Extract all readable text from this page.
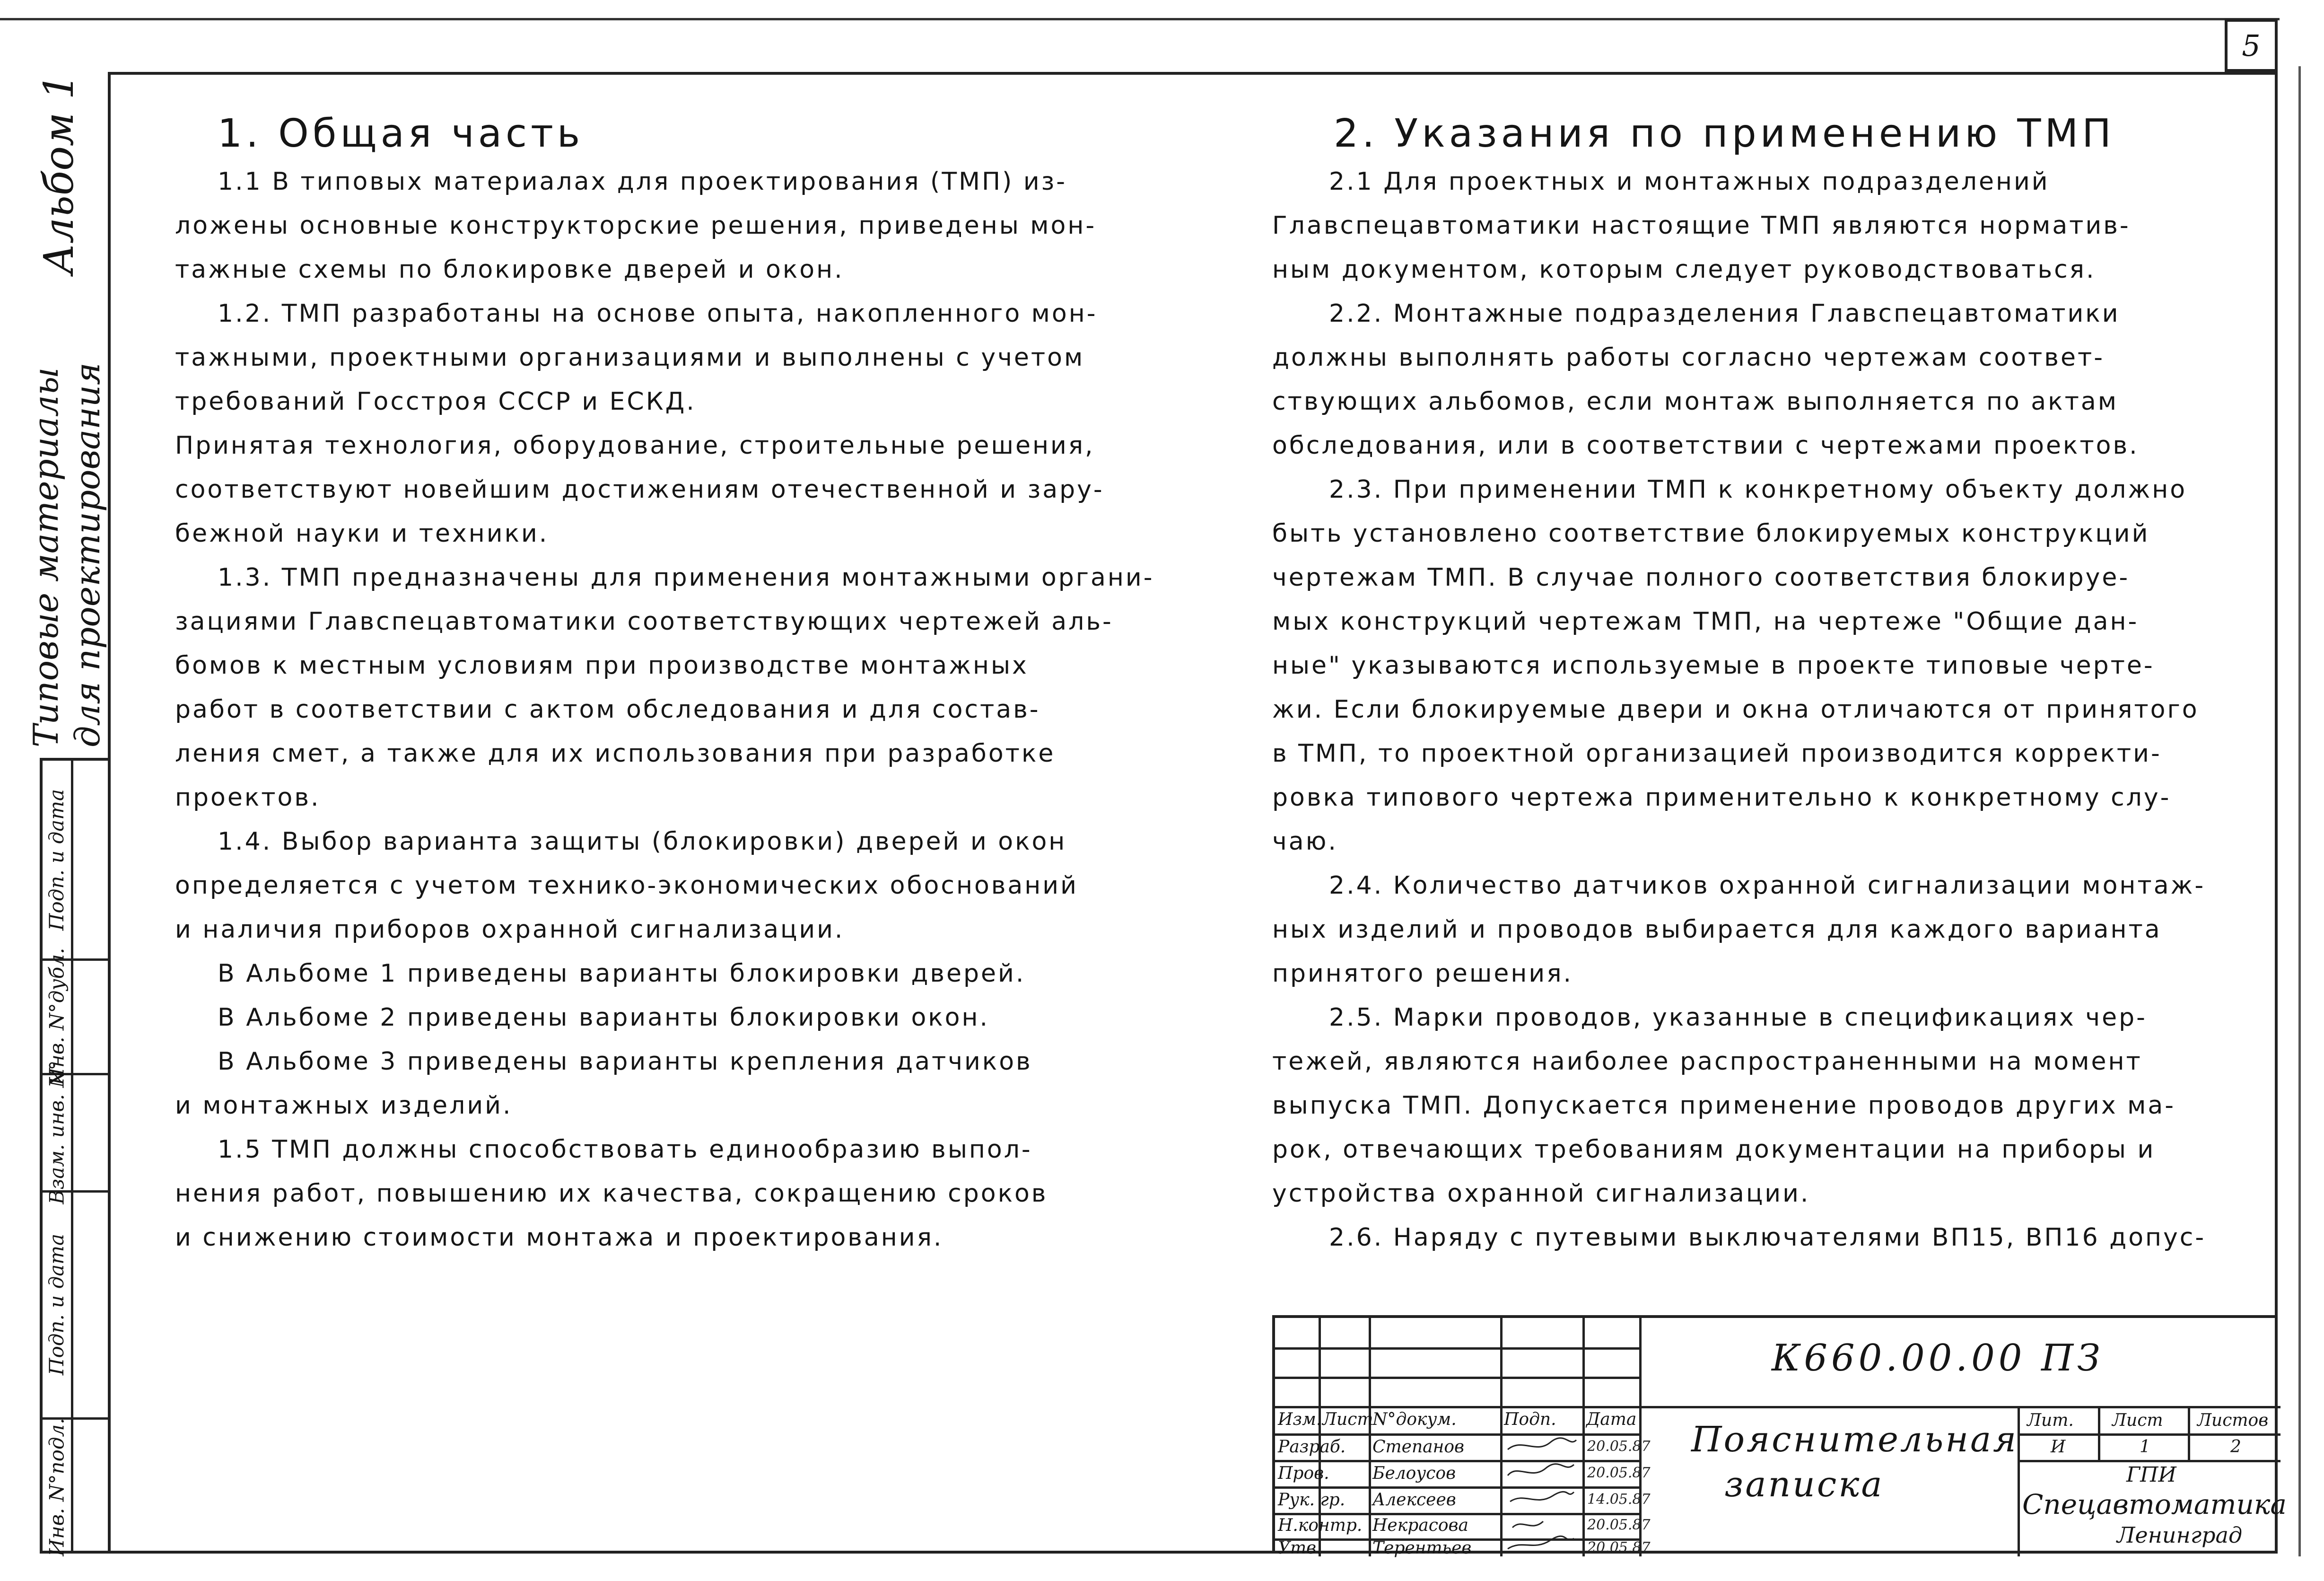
5
Типовые материалы для проектирования
Альбом 1
Инв. N°подл.
Подп. и дата
Взам. инв. N°
Инв. N°дубл.
Подп. и дата
1. Общая часть
1.1 В типовых материалах для проектирования (ТМП) из-
ложены основные конструкторские решения, приведены мон-
тажные схемы по блокировке дверей и окон.
1.2. ТМП разработаны на основе опыта, накопленного мон-
тажными, проектными организациями и выполнены с учетом
требований Госстроя СССР и ЕСКД.
Принятая технология, оборудование, строительные решения,
соответствуют новейшим достижениям отечественной и зару-
бежной науки и техники.
1.3. ТМП предназначены для применения монтажными органи-
зациями Главспецавтоматики соответствующих чертежей аль-
бомов к местным условиям при производстве монтажных
работ в соответствии с актом обследования и для состав-
ления смет, а также для их использования при разработке
проектов.
1.4. Выбор варианта защиты (блокировки) дверей и окон
определяется с учетом технико-экономических обоснований
и наличия приборов охранной сигнализации.
В Альбоме 1 приведены варианты блокировки дверей.
В Альбоме 2 приведены варианты блокировки окон.
В Альбоме 3 приведены варианты крепления датчиков
и монтажных изделий.
1.5 ТМП должны способствовать единообразию выпол-
нения работ, повышению их качества, сокращению сроков
и снижению стоимости монтажа и проектирования.
2. Указания по применению ТМП
2.1 Для проектных и монтажных подразделений
Главспецавтоматики настоящие ТМП являются норматив-
ным документом, которым следует руководствоваться.
2.2. Монтажные подразделения Главспецавтоматики
должны выполнять работы согласно чертежам соответ-
ствующих альбомов, если монтаж выполняется по актам
обследования, или в соответствии с чертежами проектов.
2.3. При применении ТМП к конкретному объекту должно
быть установлено соответствие блокируемых конструкций
чертежам ТМП. В случае полного соответствия блокируе-
мых конструкций чертежам ТМП, на чертеже "Общие дан-
ные" указываются используемые в проекте типовые черте-
жи. Если блокируемые двери и окна отличаются от принятого
в ТМП, то проектной организацией производится корректи-
ровка типового чертежа применительно к конкретному слу-
чаю.
2.4. Количество датчиков охранной сигнализации монтаж-
ных изделий и проводов выбирается для каждого варианта
принятого решения.
2.5. Марки проводов, указанные в спецификациях чер-
тежей, являются наиболее распространенными на момент
выпуска ТМП. Допускается применение проводов других ма-
рок, отвечающих требованиям документации на приборы и
устройства охранной сигнализации.
2.6. Наряду с путевыми выключателями ВП15, ВП16 допус-
К660.00.00 ПЗ
Пояснительная
записка
Изм. Лист
N°докум.	Подп. Дата
Разраб. Степанов	20.05.87
Пров.	Белоусов	20.05.87
Рук. гр. Алексеев	14.05.87
Н.контр. Некрасова	20.05.87
Утв.	Терентьев	20.05.87
Лит. Лист Листов
И	1	2
ГПИ
Спецавтоматика
Ленинград
